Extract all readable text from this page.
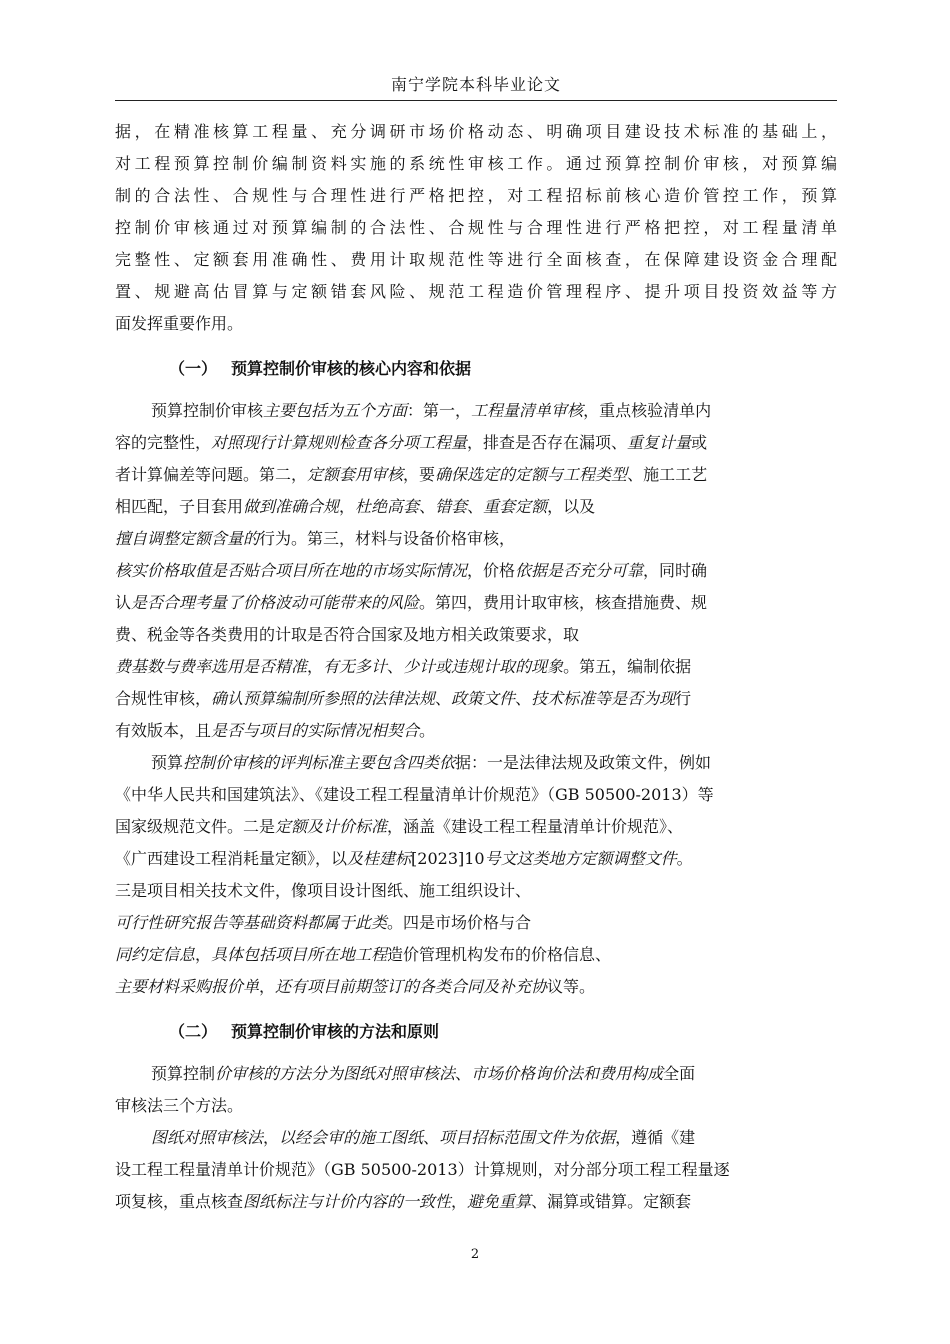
南宁学院本科毕业论文
据，在精准核算工程量、充分调研市场价格动态、明确项目建设技术标准的基础上，
对工程预算控制价编制资料实施的系统性审核工作。通过预算控制价审核，对预算编
制的合法性、合规性与合理性进行严格把控，对工程招标前核心造价管控工作，预算
控制价审核通过对预算编制的合法性、合规性与合理性进行严格把控，对工程量清单
完整性、定额套用准确性、费用计取规范性等进行全面核查，在保障建设资金合理配
置、规避高估冒算与定额错套风险、规范工程造价管理程序、提升项目投资效益等方
面发挥重要作用。
（一） 预算控制价审核的核心内容和依据
预算控制价审核主要包括为五个方面：第一，工程量清单审核，重点核验清单内
容的完整性，对照现行计算规则检查各分项工程量，排查是否存在漏项、重复计量或
者计算偏差等问题。第二，定额套用审核，要确保选定的定额与工程类型、施工工艺
相匹配，子目套用做到准确合规，杜绝高套、错套、重套定额，以及
擅自调整定额含量的行为。第三，材料与设备价格审核，
核实价格取值是否贴合项目所在地的市场实际情况，价格依据是否充分可靠，同时确
认是否合理考量了价格波动可能带来的风险。第四，费用计取审核，核查措施费、规
费、税金等各类费用的计取是否符合国家及地方相关政策要求，取
费基数与费率选用是否精准，有无多计、少计或违规计取的现象。第五，编制依据
合规性审核，确认预算编制所参照的法律法规、政策文件、技术标准等是否为现行
有效版本，且是否与项目的实际情况相契合。
预算控制价审核的评判标准主要包含四类依据：一是法律法规及政策文件，例如
《中华人民共和国建筑法》、《建设工程工程量清单计价规范》（GB 50500-2013）等
国家级规范文件。二是定额及计价标准，涵盖《建设工程工程量清单计价规范》、
《广西建设工程消耗量定额》，以及桂建标[2023]10号文这类地方定额调整文件。
三是项目相关技术文件，像项目设计图纸、施工组织设计、
可行性研究报告等基础资料都属于此类。四是市场价格与合
同约定信息，具体包括项目所在地工程造价管理机构发布的价格信息、
主要材料采购报价单，还有项目前期签订的各类合同及补充协议等。
（二） 预算控制价审核的方法和原则
预算控制价审核的方法分为图纸对照审核法、市场价格询价法和费用构成全面
审核法三个方法。
图纸对照审核法，以经会审的施工图纸、项目招标范围文件为依据，遵循《建
设工程工程量清单计价规范》（GB 50500-2013）计算规则，对分部分项工程工程量逐
项复核，重点核查图纸标注与计价内容的一致性，避免重算、漏算或错算。定额套
2
